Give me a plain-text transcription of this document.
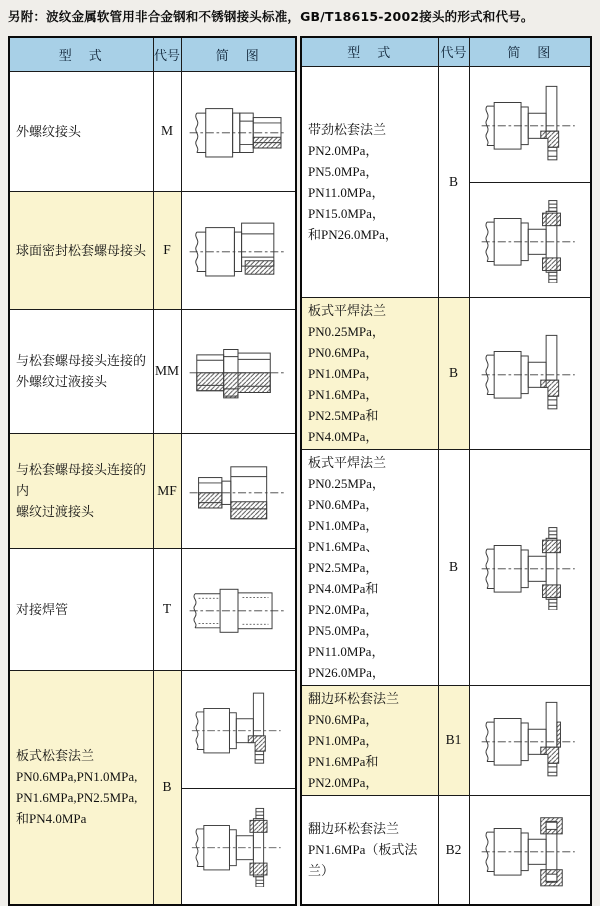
另附：波纹金属软管用非合金钢和不锈钢接头标准，GB/T18615-2002接头的形式和代号。
型　式	代号	简　图

外螺纹接头	M	

球面密封松套螺母接头	F	

与松套螺母接头连接的
外螺纹过液接头	MM	

与松套螺母接头连接的内
螺纹过渡接头	MF	

对接焊管	T	

板式松套法兰
PN0.6MPa,PN1.0MPa,
PN1.6MPa,PN2.5MPa,
和PN4.0MPa	B	

型　式	代号	简　图

带劲松套法兰
PN2.0MPa，PN5.0MPa，
PN11.0MPa，PN15.0MPa，
和PN26.0MPa，	B	

板式平焊法兰
PN0.25MPa，PN0.6MPa，
PN1.0MPa，PN1.6MPa，
PN2.5MPa和PN4.0MPa，	B	

板式平焊法兰
PN0.25MPa，PN0.6MPa，
PN1.0MPa，PN1.6MPa、
PN2.5MPa，PN4.0MPa和
PN2.0MPa，PN5.0MPa，
PN11.0MPa，PN26.0MPa，
	B	

翻边环松套法兰
PN0.6MPa，PN1.0MPa，
PN1.6MPa和PN2.0MPa，	B1	

翻边环松套法兰
PN1.6MPa（板式法兰）	B2	
